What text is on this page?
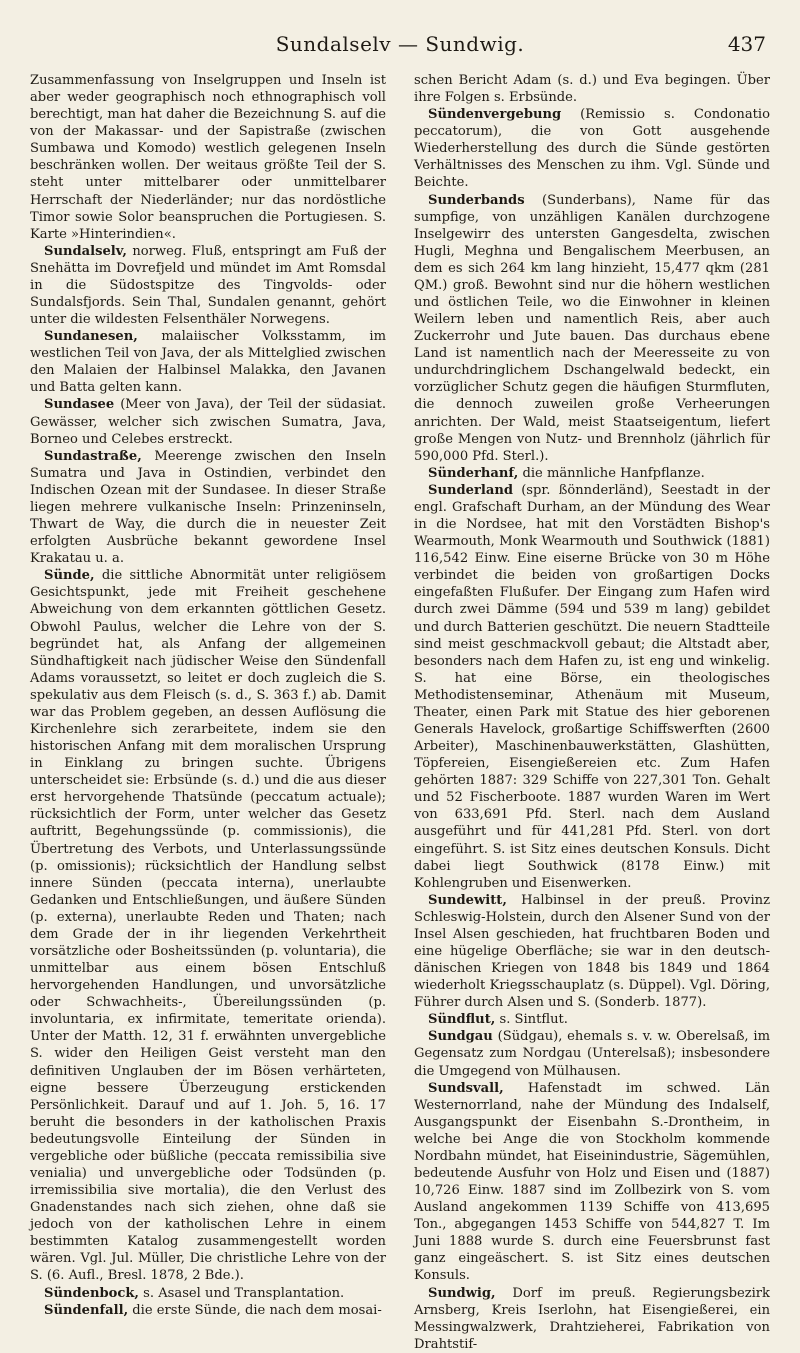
Sundalselv — Sundwig.	437

Zusammenfassung von Inselgruppen und Inseln ist aber weder geographisch noch ethnographisch voll berechtigt, man hat daher die Bezeichnung S. auf die von der Makassar- und der Sapistraße (zwischen Sumbawa und Komodo) westlich gelegenen Inseln beschränken wollen. Der weitaus größte Teil der S. steht unter mittelbarer oder unmittelbarer Herrschaft der Niederländer; nur das nordöstliche Timor sowie Solor beanspruchen die Portugiesen. S. Karte »Hinterindien«.

Sundalselv, norweg. Fluß, entspringt am Fuß der Snehätta im Dovrefjeld und mündet im Amt Romsdal in die Südostspitze des Tingvolds- oder Sundalsfjords. Sein Thal, Sundalen genannt, gehört unter die wildesten Felsenthäler Norwegens.

Sundanesen, malaiischer Volksstamm, im westlichen Teil von Java, der als Mittelglied zwischen den Malaien der Halbinsel Malakka, den Javanen und Batta gelten kann.

Sundasee (Meer von Java), der Teil der südasiat. Gewässer, welcher sich zwischen Sumatra, Java, Borneo und Celebes erstreckt.

Sundastraße, Meerenge zwischen den Inseln Sumatra und Java in Ostindien, verbindet den Indischen Ozean mit der Sundasee. In dieser Straße liegen mehrere vulkanische Inseln: Prinzeninseln, Thwart de Way, die durch die in neuester Zeit erfolgten Ausbrüche bekannt gewordene Insel Krakatau u. a.

Sünde, die sittliche Abnormität unter religiösem Gesichtspunkt, jede mit Freiheit geschehene Abweichung von dem erkannten göttlichen Gesetz. Obwohl Paulus, welcher die Lehre von der S. begründet hat, als Anfang der allgemeinen Sündhaftigkeit nach jüdischer Weise den Sündenfall Adams voraussetzt, so leitet er doch zugleich die S. spekulativ aus dem Fleisch (s. d., S. 363 f.) ab. Damit war das Problem gegeben, an dessen Auflösung die Kirchenlehre sich zerarbeitete, indem sie den historischen Anfang mit dem moralischen Ursprung in Einklang zu bringen suchte. Übrigens unterscheidet sie: Erbsünde (s. d.) und die aus dieser erst hervorgehende Thatsünde (peccatum actuale); rücksichtlich der Form, unter welcher das Gesetz auftritt, Begehungssünde (p. commissionis), die Übertretung des Verbots, und Unterlassungssünde (p. omissionis); rücksichtlich der Handlung selbst innere Sünden (peccata interna), unerlaubte Gedanken und Entschließungen, und äußere Sünden (p. externa), unerlaubte Reden und Thaten; nach dem Grade der in ihr liegenden Verkehrtheit vorsätzliche oder Bosheitssünden (p. voluntaria), die unmittelbar aus einem bösen Entschluß hervorgehenden Handlungen, und unvorsätzliche oder Schwachheits-, Übereilungssünden (p. involuntaria, ex infirmitate, temeritate orienda). Unter der Matth. 12, 31 f. erwähnten unvergebliche S. wider den Heiligen Geist versteht man den definitiven Unglauben der im Bösen verhärteten, eigne bessere Überzeugung erstickenden Persönlichkeit. Darauf und auf 1. Joh. 5, 16. 17 beruht die besonders in der katholischen Praxis bedeutungsvolle Einteilung der Sünden in vergebliche oder büßliche (peccata remissibilia sive venialia) und unvergebliche oder Todsünden (p. irremissibilia sive mortalia), die den Verlust des Gnadenstandes nach sich ziehen, ohne daß sie jedoch von der katholischen Lehre in einem bestimmten Katalog zusammengestellt worden wären. Vgl. Jul. Müller, Die christliche Lehre von der S. (6. Aufl., Bresl. 1878, 2 Bde.).

Sündenbock, s. Asasel und Transplantation.

Sündenfall, die erste Sünde, die nach dem mosai-

schen Bericht Adam (s. d.) und Eva begingen. Über ihre Folgen s. Erbsünde.

Sündenvergebung (Remissio s. Condonatio peccatorum), die von Gott ausgehende Wiederherstellung des durch die Sünde gestörten Verhältnisses des Menschen zu ihm. Vgl. Sünde und Beichte.

Sunderbands (Sunderbans), Name für das sumpfige, von unzähligen Kanälen durchzogene Inselgewirr des untersten Gangesdelta, zwischen Hugli, Meghna und Bengalischem Meerbusen, an dem es sich 264 km lang hinzieht, 15,477 qkm (281 QM.) groß. Bewohnt sind nur die höhern westlichen und östlichen Teile, wo die Einwohner in kleinen Weilern leben und namentlich Reis, aber auch Zuckerrohr und Jute bauen. Das durchaus ebene Land ist namentlich nach der Meeresseite zu von undurchdringlichem Dschangelwald bedeckt, ein vorzüglicher Schutz gegen die häufigen Sturmfluten, die dennoch zuweilen große Verheerungen anrichten. Der Wald, meist Staatseigentum, liefert große Mengen von Nutz- und Brennholz (jährlich für 590,000 Pfd. Sterl.).

Sünderhanf, die männliche Hanfpflanze.

Sunderland (spr. ßönnderländ), Seestadt in der engl. Grafschaft Durham, an der Mündung des Wear in die Nordsee, hat mit den Vorstädten Bishop's Wearmouth, Monk Wearmouth und Southwick (1881) 116,542 Einw. Eine eiserne Brücke von 30 m Höhe verbindet die beiden von großartigen Docks eingefaßten Flußufer. Der Eingang zum Hafen wird durch zwei Dämme (594 und 539 m lang) gebildet und durch Batterien geschützt. Die neuern Stadtteile sind meist geschmackvoll gebaut; die Altstadt aber, besonders nach dem Hafen zu, ist eng und winkelig. S. hat eine Börse, ein theologisches Methodistenseminar, Athenäum mit Museum, Theater, einen Park mit Statue des hier geborenen Generals Havelock, großartige Schiffswerften (2600 Arbeiter), Maschinenbauwerkstätten, Glashütten, Töpfereien, Eisengießereien etc. Zum Hafen gehörten 1887: 329 Schiffe von 227,301 Ton. Gehalt und 52 Fischerboote. 1887 wurden Waren im Wert von 633,691 Pfd. Sterl. nach dem Ausland ausgeführt und für 441,281 Pfd. Sterl. von dort eingeführt. S. ist Sitz eines deutschen Konsuls. Dicht dabei liegt Southwick (8178 Einw.) mit Kohlengruben und Eisenwerken.

Sundewitt, Halbinsel in der preuß. Provinz Schleswig-Holstein, durch den Alsener Sund von der Insel Alsen geschieden, hat fruchtbaren Boden und eine hügelige Oberfläche; sie war in den deutsch-dänischen Kriegen von 1848 bis 1849 und 1864 wiederholt Kriegsschauplatz (s. Düppel). Vgl. Döring, Führer durch Alsen und S. (Sonderb. 1877).

Sündflut, s. Sintflut.

Sundgau (Südgau), ehemals s. v. w. Oberelsaß, im Gegensatz zum Nordgau (Unterelsaß); insbesondere die Umgegend von Mülhausen.

Sundsvall, Hafenstadt im schwed. Län Westernorrland, nahe der Mündung des Indalself, Ausgangspunkt der Eisenbahn S.-Drontheim, in welche bei Ange die von Stockholm kommende Nordbahn mündet, hat Eiseinindustrie, Sägemühlen, bedeutende Ausfuhr von Holz und Eisen und (1887) 10,726 Einw. 1887 sind im Zollbezirk von S. vom Ausland angekommen 1139 Schiffe von 413,695 Ton., abgegangen 1453 Schiffe von 544,827 T. Im Juni 1888 wurde S. durch eine Feuersbrunst fast ganz eingeäschert. S. ist Sitz eines deutschen Konsuls.

Sundwig, Dorf im preuß. Regierungsbezirk Arnsberg, Kreis Iserlohn, hat Eisengießerei, ein Messingwalzwerk, Drahtzieherei, Fabrikation von Drahtstif-
